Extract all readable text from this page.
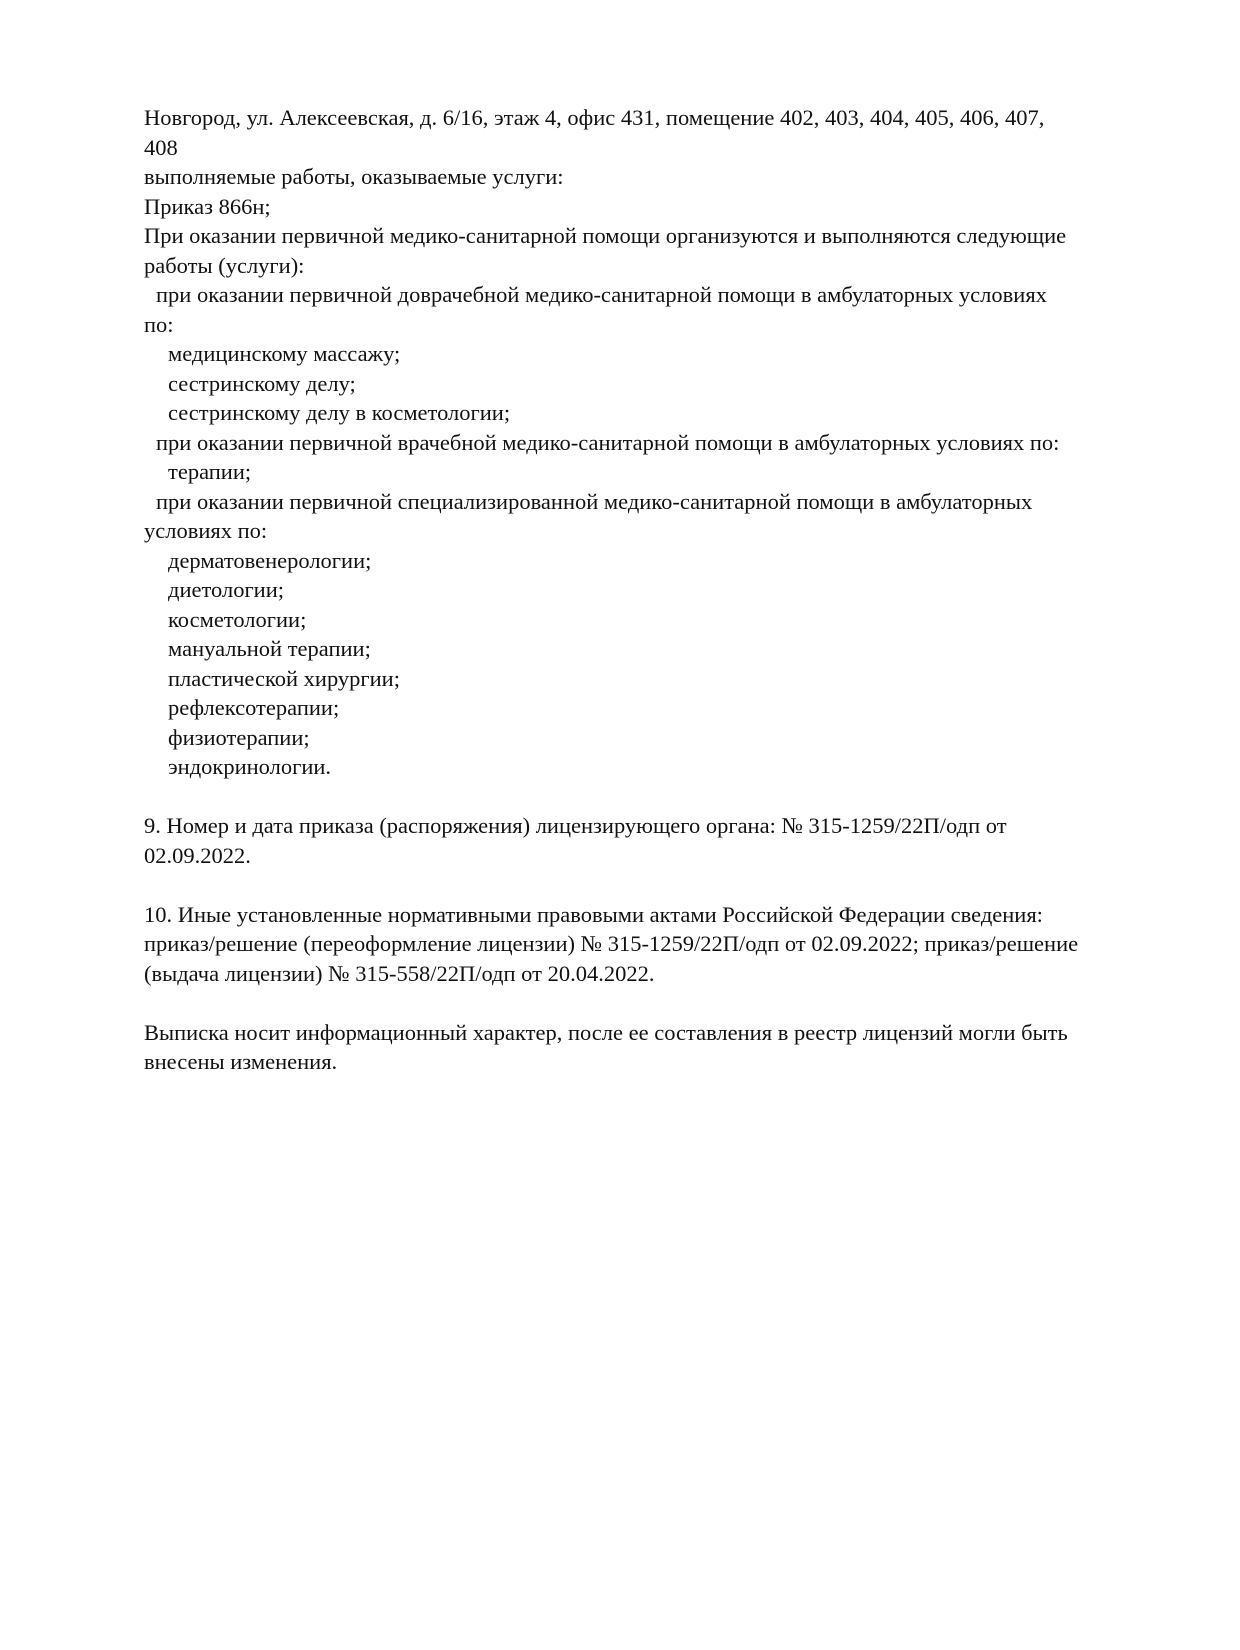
Новгород, ул. Алексеевская, д. 6/16, этаж 4, офис 431, помещение 402, 403, 404, 405, 406, 407,
408
выполняемые работы, оказываемые услуги:
Приказ 866н;
При оказании первичной медико-санитарной помощи организуются и выполняются следующие
работы (услуги):
при оказании первичной доврачебной медико-санитарной помощи в амбулаторных условиях
по:
медицинскому массажу;
сестринскому делу;
сестринскому делу в косметологии;
при оказании первичной врачебной медико-санитарной помощи в амбулаторных условиях по:
терапии;
при оказании первичной специализированной медико-санитарной помощи в амбулаторных
условиях по:
дерматовенерологии;
диетологии;
косметологии;
мануальной терапии;
пластической хирургии;
рефлексотерапии;
физиотерапии;
эндокринологии.
9. Номер и дата приказа (распоряжения) лицензирующего органа: № 315-1259/22П/одп от
02.09.2022.
10. Иные установленные нормативными правовыми актами Российской Федерации сведения:
приказ/решение (переоформление лицензии) № 315-1259/22П/одп от 02.09.2022; приказ/решение
(выдача лицензии) № 315-558/22П/одп от 20.04.2022.
Выписка носит информационный характер, после ее составления в реестр лицензий могли быть
внесены изменения.
